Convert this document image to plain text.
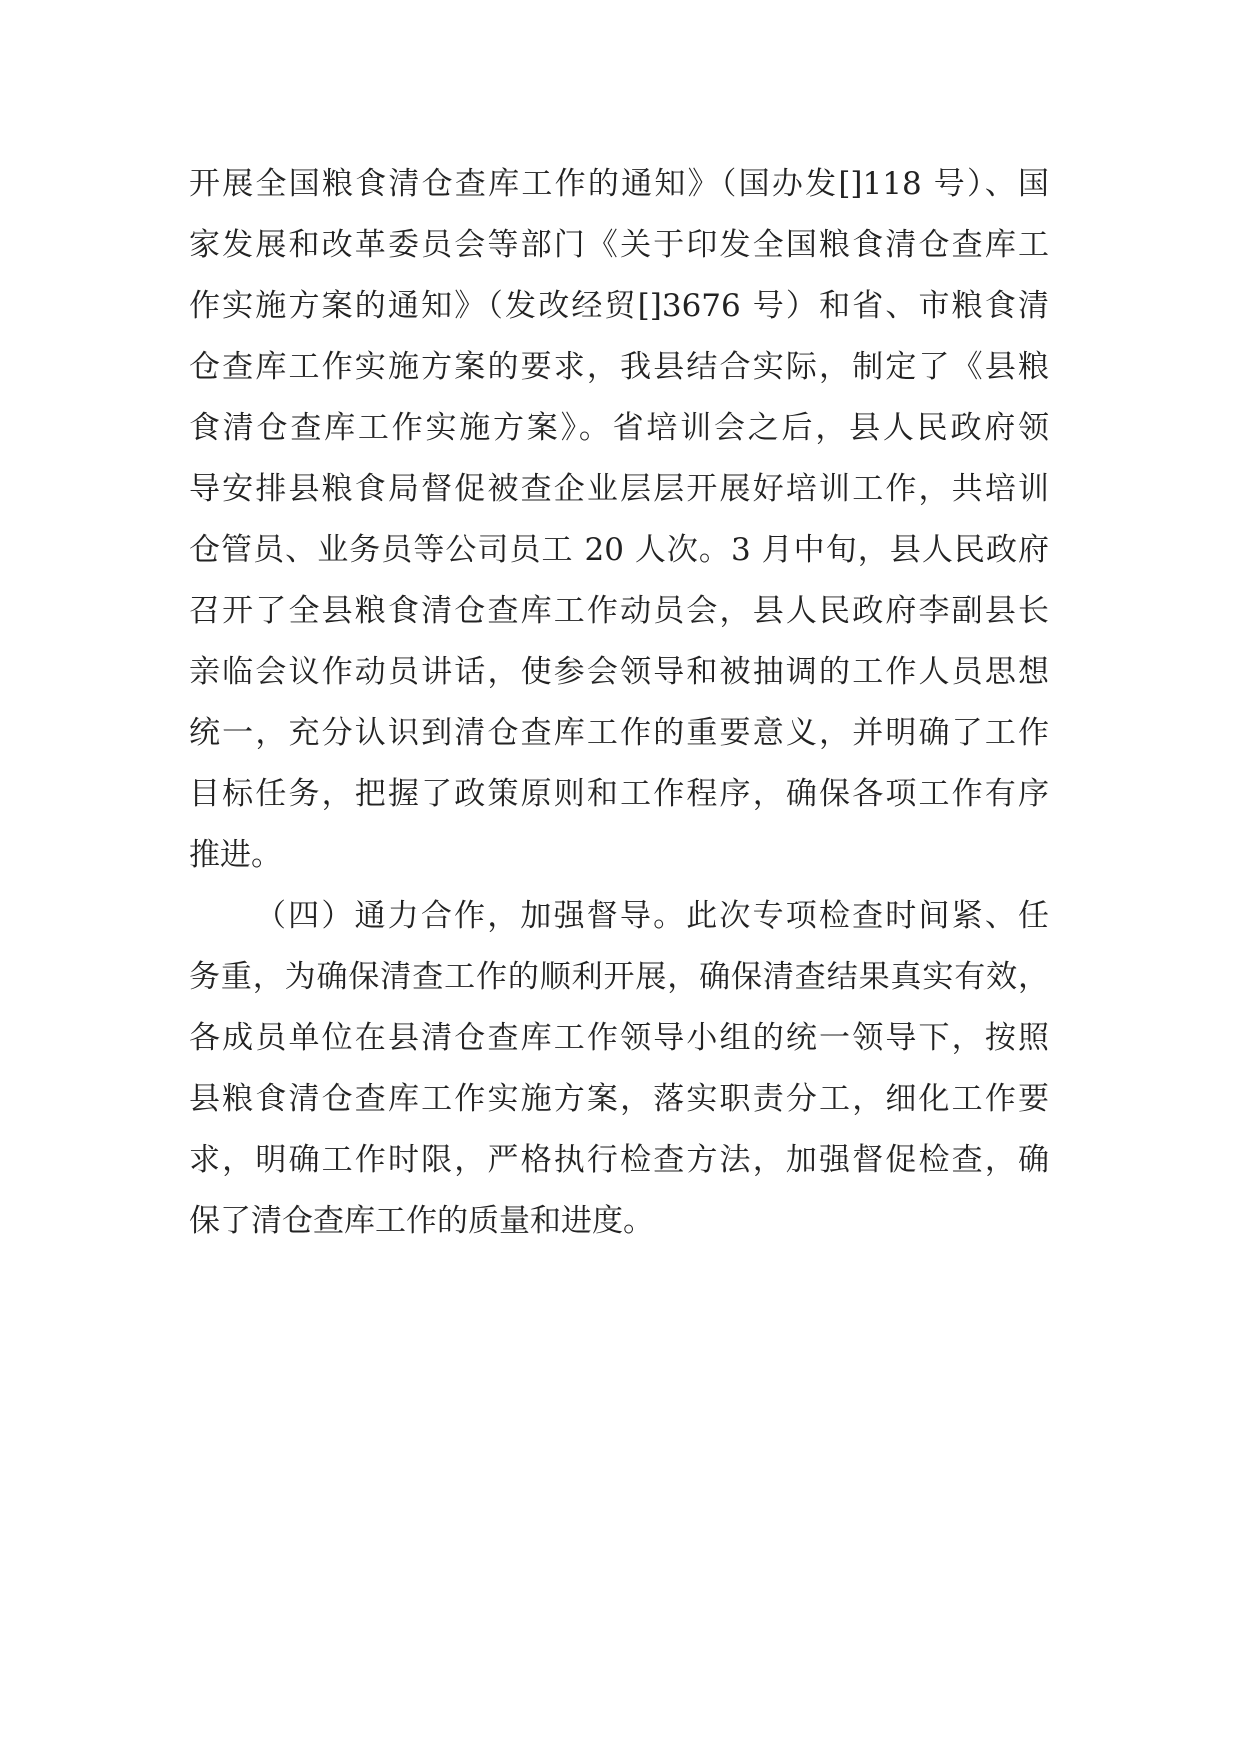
开展全国粮食清仓查库工作的通知》（国办发[]118 号）、国
家发展和改革委员会等部门《关于印发全国粮食清仓查库工
作实施方案的通知》（发改经贸[]3676 号）和省、市粮食清
仓查库工作实施方案的要求，我县结合实际，制定了《县粮
食清仓查库工作实施方案》。省培训会之后，县人民政府领
导安排县粮食局督促被查企业层层开展好培训工作，共培训
仓管员、业务员等公司员工 20 人次。3 月中旬，县人民政府
召开了全县粮食清仓查库工作动员会，县人民政府李副县长
亲临会议作动员讲话，使参会领导和被抽调的工作人员思想
统一，充分认识到清仓查库工作的重要意义，并明确了工作
目标任务，把握了政策原则和工作程序，确保各项工作有序
推进。
（四）通力合作，加强督导。此次专项检查时间紧、任
务重，为确保清查工作的顺利开展，确保清查结果真实有效，
各成员单位在县清仓查库工作领导小组的统一领导下，按照
县粮食清仓查库工作实施方案，落实职责分工，细化工作要
求，明确工作时限，严格执行检查方法，加强督促检查，确
保了清仓查库工作的质量和进度。
